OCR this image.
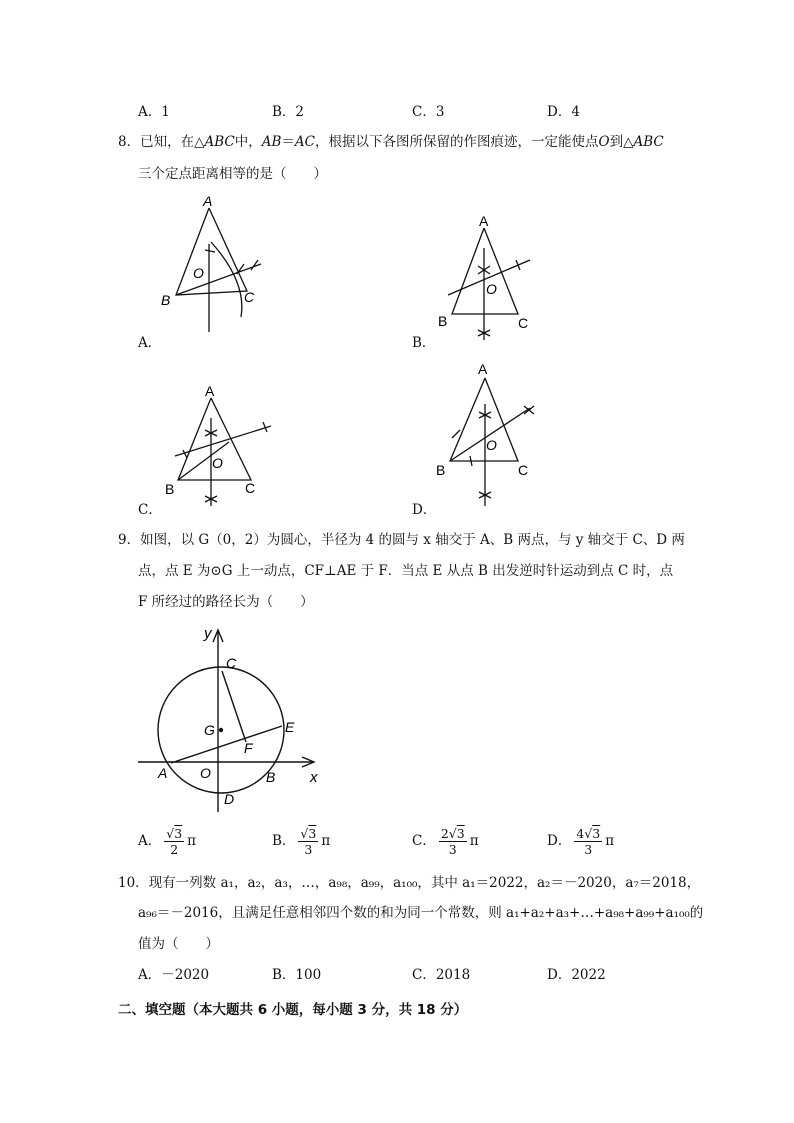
A．1	B．2	C．3	D．4
8．已知，在△ABC中，AB＝AC，根据以下各图所保留的作图痕迹，一定能使点O到△ABC
三个定点距离相等的是（　　）
A
O
B	C
A．
A
O
B	C
B．
A
O
B	C
C．
A
O
B	C
D．
9．如图，以 G（0，2）为圆心，半径为 4 的圆与 x 轴交于 A、B 两点，与 y 轴交于 C、D 两
点，点 E 为⊙G 上一动点，CF⊥AE 于 F．当点 E 从点 B 出发逆时针运动到点 C 时，点
F 所经过的路径长为（　　）
y
C
G	E
F
A O	B x
D
A． $\frac{√3}{2}$ π	B． $\frac{√3}{3}$ π	C． $\frac{2√3}{3}$ π	D． $\frac{4√3}{3}$ π
10．现有一列数 a₁，a₂，a₃，…，a₉₈，a₉₉，a₁₀₀，其中 a₁＝2022，a₂＝－2020，a₇＝2018，
a₉₆＝－2016，且满足任意相邻四个数的和为同一个常数，则 a₁+a₂+a₃+…+a₉₈+a₉₉+a₁₀₀的
值为（　　）
A．－2020	B．100	C．2018	D．2022
二、填空题（本大题共 6 小题，每小题 3 分，共 18 分）
